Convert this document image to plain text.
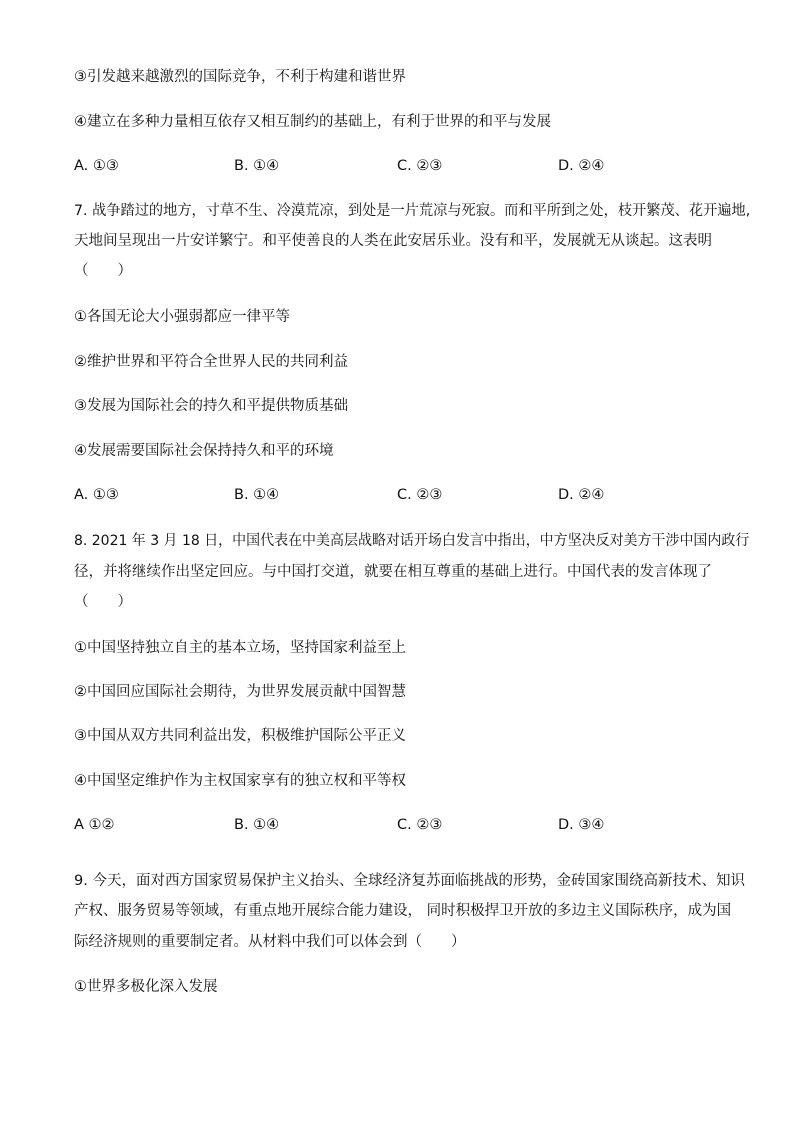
③引发越来越激烈的国际竞争，不利于构建和谐世界
④建立在多种力量相互依存又相互制约的基础上，有利于世界的和平与发展
A. ①③	B. ①④	C. ②③	D. ②④
7. 战争踏过的地方，寸草不生、冷漠荒凉，到处是一片荒凉与死寂。而和平所到之处，枝开繁茂、花开遍地,
天地间呈现出一片安详繁宁。和平使善良的人类在此安居乐业。没有和平，发展就无从谈起。这表明
（　　）
①各国无论大小强弱都应一律平等
②维护世界和平符合全世界人民的共同利益
③发展为国际社会的持久和平提供物质基础
④发展需要国际社会保持持久和平的环境
A. ①③	B. ①④	C. ②③	D. ②④
8. 2021 年 3 月 18 日，中国代表在中美高层战略对话开场白发言中指出，中方坚决反对美方干涉中国内政行
径，并将继续作出坚定回应。与中国打交道，就要在相互尊重的基础上进行。中国代表的发言体现了
（　　）
①中国坚持独立自主的基本立场，坚持国家利益至上
②中国回应国际社会期待，为世界发展贡献中国智慧
③中国从双方共同利益出发，积极维护国际公平正义
④中国坚定维护作为主权国家享有的独立权和平等权
A ①②	B. ①④	C. ②③	D. ③④
9. 今天，面对西方国家贸易保护主义抬头、全球经济复苏面临挑战的形势，金砖国家围绕高新技术、知识
产权、服务贸易等领域，有重点地开展综合能力建设， 同时积极捍卫开放的多边主义国际秩序，成为国
际经济规则的重要制定者。从材料中我们可以体会到（　　）
①世界多极化深入发展
